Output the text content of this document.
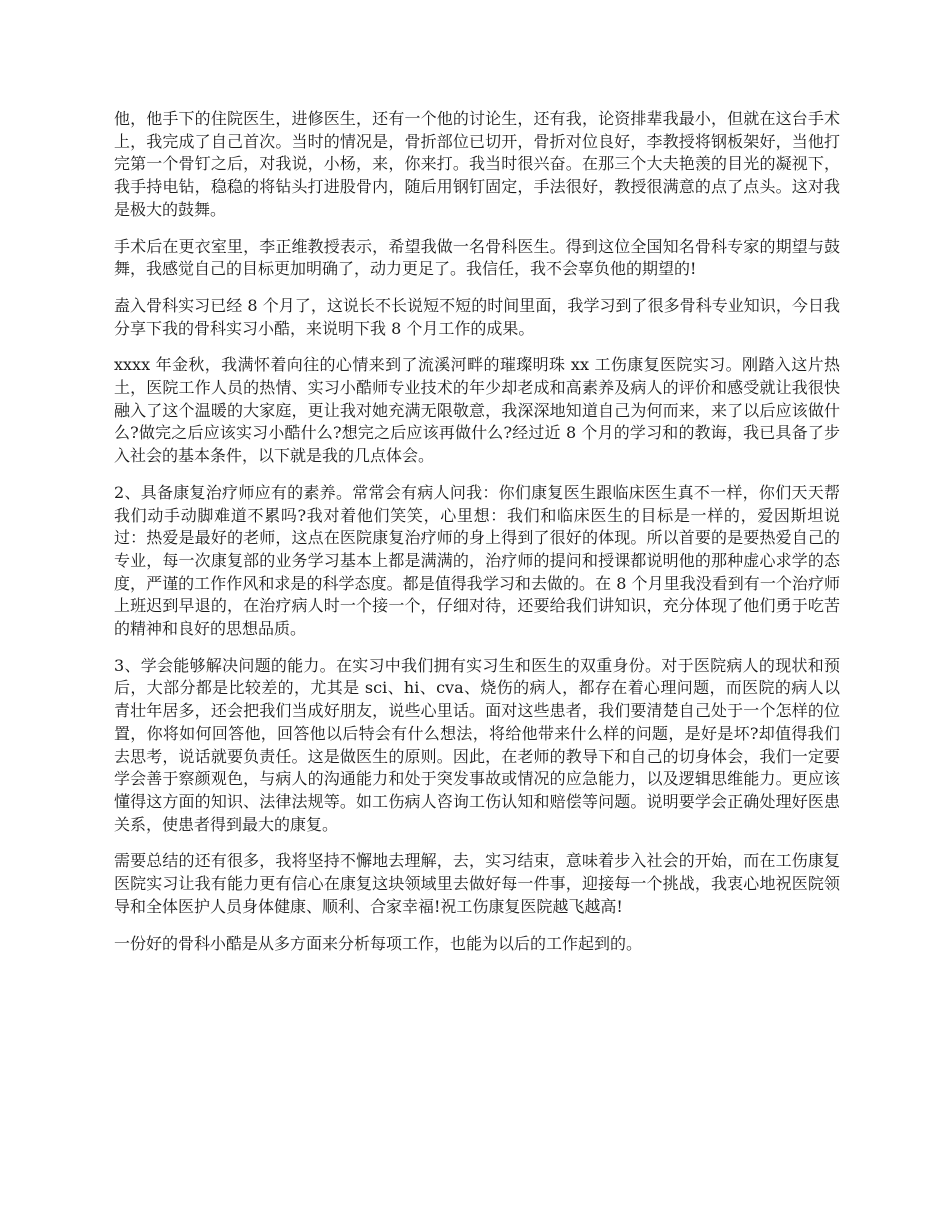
他，他手下的住院医生，进修医生，还有一个他的讨论生，还有我，论资排辈我最小，但就在这台手术上，我完成了自己首次。当时的情况是，骨折部位已切开，骨折对位良好，李教授将钢板架好，当他打完第一个骨钉之后，对我说，小杨，来，你来打。我当时很兴奋。在那三个大夫艳羡的目光的凝视下，我手持电钻，稳稳的将钻头打进股骨内，随后用钢钉固定，手法很好，教授很满意的点了点头。这对我是极大的鼓舞。

手术后在更衣室里，李正维教授表示，希望我做一名骨科医生。得到这位全国知名骨科专家的期望与鼓舞，我感觉自己的目标更加明确了，动力更足了。我信任，我不会辜负他的期望的!

盍入骨科实习已经 8 个月了，这说长不长说短不短的时间里面，我学习到了很多骨科专业知识，今日我分享下我的骨科实习小酷，来说明下我 8 个月工作的成果。

xxxx 年金秋，我满怀着向往的心情来到了流溪河畔的璀璨明珠 xx 工伤康复医院实习。刚踏入这片热土，医院工作人员的热情、实习小酷师专业技术的年少却老成和高素养及病人的评价和感受就让我很快融入了这个温暖的大家庭，更让我对她充满无限敬意，我深深地知道自己为何而来，来了以后应该做什么?做完之后应该实习小酷什么?想完之后应该再做什么?经过近 8 个月的学习和的教诲，我已具备了步入社会的基本条件，以下就是我的几点体会。

2、具备康复治疗师应有的素养。常常会有病人问我：你们康复医生跟临床医生真不一样，你们天天帮我们动手动脚难道不累吗?我对着他们笑笑，心里想：我们和临床医生的目标是一样的，爱因斯坦说过：热爱是最好的老师，这点在医院康复治疗师的身上得到了很好的体现。所以首要的是要热爱自己的专业，每一次康复部的业务学习基本上都是满满的，治疗师的提问和授课都说明他的那种虚心求学的态度，严谨的工作作风和求是的科学态度。都是值得我学习和去做的。在 8 个月里我没看到有一个治疗师上班迟到早退的，在治疗病人时一个接一个，仔细对待，还要给我们讲知识，充分体现了他们勇于吃苦的精神和良好的思想品质。

3、学会能够解决问题的能力。在实习中我们拥有实习生和医生的双重身份。对于医院病人的现状和预后，大部分都是比较差的，尤其是 sci、hi、cva、烧伤的病人，都存在着心理问题，而医院的病人以青壮年居多，还会把我们当成好朋友，说些心里话。面对这些患者，我们要清楚自己处于一个怎样的位置，你将如何回答他，回答他以后特会有什么想法，将给他带来什么样的问题，是好是坏?却值得我们去思考，说话就要负责任。这是做医生的原则。因此，在老师的教导下和自己的切身体会，我们一定要学会善于察颜观色，与病人的沟通能力和处于突发事故或情况的应急能力，以及逻辑思维能力。更应该懂得这方面的知识、法律法规等。如工伤病人咨询工伤认知和赔偿等问题。说明要学会正确处理好医患关系，使患者得到最大的康复。

需要总结的还有很多，我将坚持不懈地去理解，去，实习结束，意味着步入社会的开始，而在工伤康复医院实习让我有能力更有信心在康复这块领域里去做好每一件事，迎接每一个挑战，我衷心地祝医院领导和全体医护人员身体健康、顺利、合家幸福!祝工伤康复医院越飞越高!

一份好的骨科小酷是从多方面来分析每项工作，也能为以后的工作起到的。
